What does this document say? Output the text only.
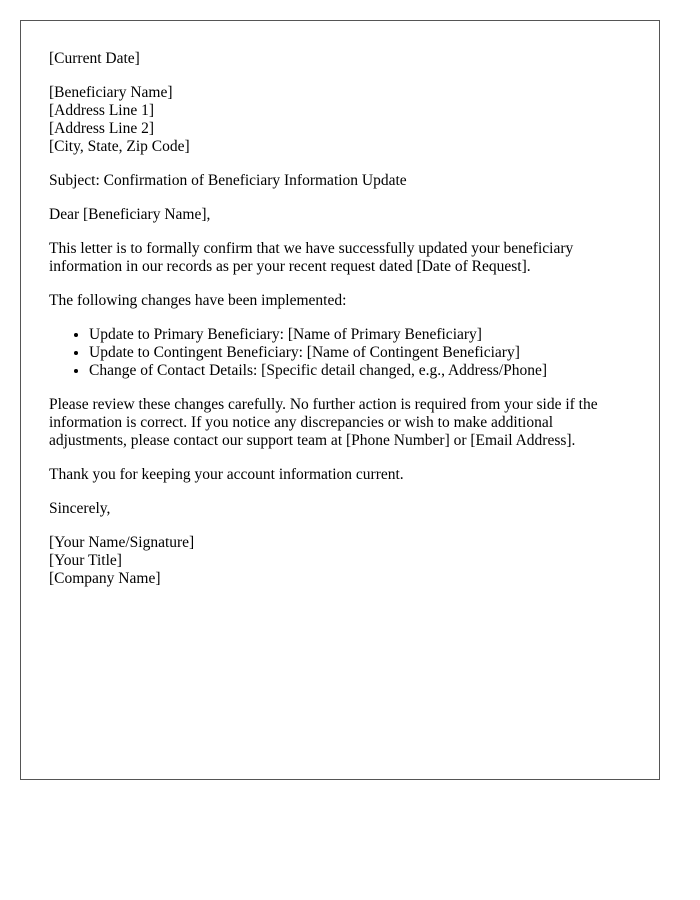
[Current Date]

[Beneficiary Name]
[Address Line 1]
[Address Line 2]
[City, State, Zip Code]

Subject: Confirmation of Beneficiary Information Update

Dear [Beneficiary Name],

This letter is to formally confirm that we have successfully updated your beneficiary information in our records as per your recent request dated [Date of Request].

The following changes have been implemented:

• Update to Primary Beneficiary: [Name of Primary Beneficiary]
• Update to Contingent Beneficiary: [Name of Contingent Beneficiary]
• Change of Contact Details: [Specific detail changed, e.g., Address/Phone]

Please review these changes carefully. No further action is required from your side if the information is correct. If you notice any discrepancies or wish to make additional adjustments, please contact our support team at [Phone Number] or [Email Address].

Thank you for keeping your account information current.

Sincerely,

[Your Name/Signature]
[Your Title]
[Company Name]
